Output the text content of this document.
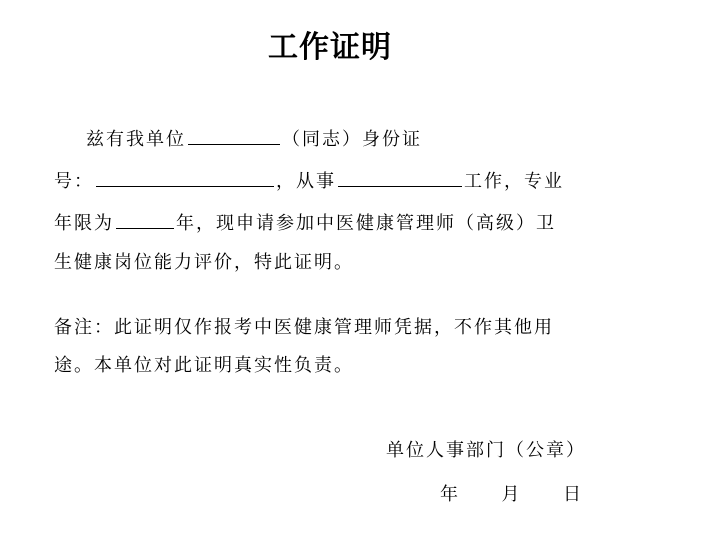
工作证明
兹有我单位	（同志）身份证
号：	，从事	工作，专业
年限为	年，现申请参加中医健康管理师（高级）卫
生健康岗位能力评价，特此证明。
备注：此证明仅作报考中医健康管理师凭据，不作其他用
途。本单位对此证明真实性负责。
单位人事部门（公章）
年 月 日
